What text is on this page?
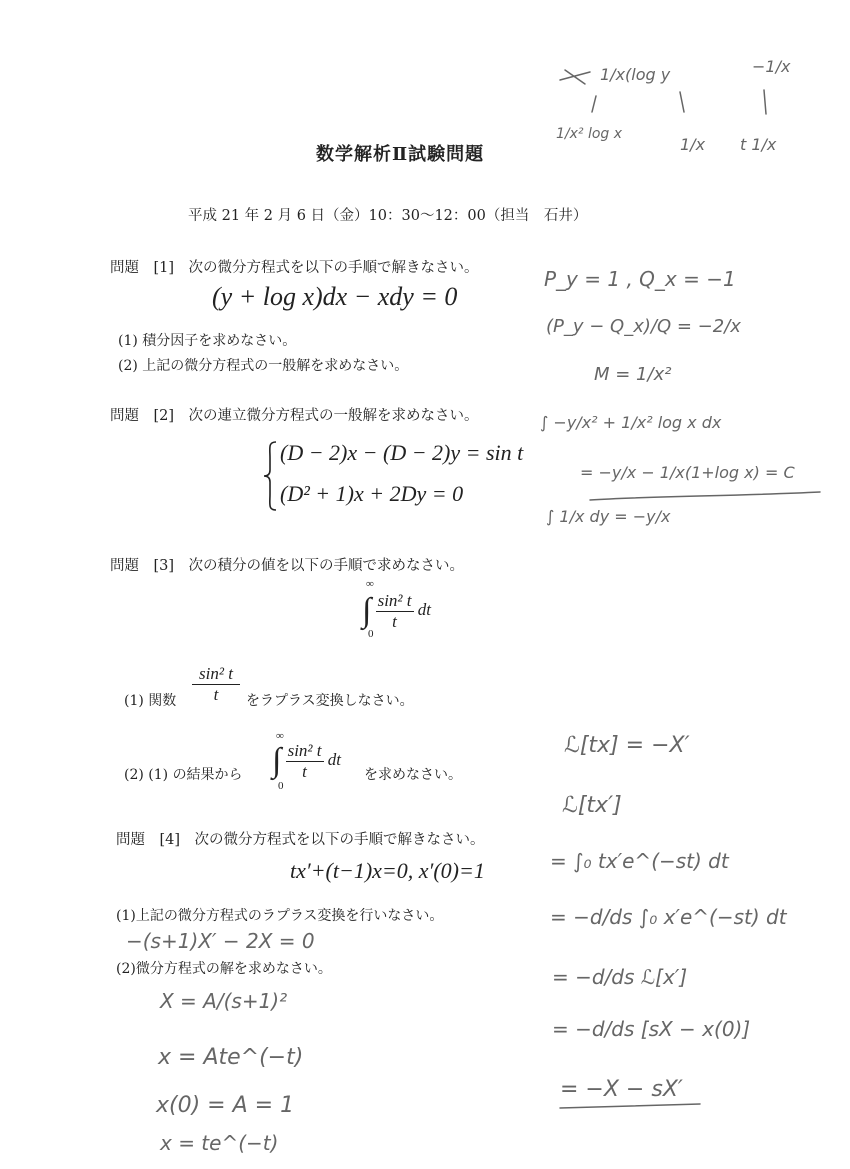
数学解析Ⅱ試験問題
平成 21 年 2 月 6 日（金）10：30〜12：00（担当　石井）
問題　[1]　次の微分方程式を以下の手順で解きなさい。
(y + log x)dx − xdy = 0
(1) 積分因子を求めなさい。
(2) 上記の微分方程式の一般解を求めなさい。
問題　[2]　次の連立微分方程式の一般解を求めなさい。
(D − 2)x − (D − 2)y = sin t
(D² + 1)x + 2Dy = 0
問題　[3]　次の積分の値を以下の手順で求めなさい。
∞
∫
0

$\frac{\text{sin² t}}{t}$ dt
(1) 関数 $\frac{\text{sin² t}}{t}$ をラプラス変換しなさい。
(2) (1) の結果から
∞
∫
0

$\frac{\text{sin² t}}{t}$ dt
を求めなさい。
問題　[4]　次の微分方程式を以下の手順で解きなさい。
tx′+(t−1)x=0, x′(0)=1
(1)上記の微分方程式のラプラス変換を行いなさい。
(2)微分方程式の解を求めなさい。
1/x(log y	−1/x
1/x² log x
1/x t 1/x
P_y = 1 , Q_x = −1
(P_y − Q_x)/Q = −2/x
M = 1/x²
∫ −y/x² + 1/x² log x dx
= −y/x − 1/x(1+log x) = C
∫ 1/x dy = −y/x
ℒ[tx] = −X′
ℒ[tx′]
= ∫₀ tx′e^(−st) dt
= −d/ds ∫₀ x′e^(−st) dt
= −d/ds ℒ[x′]
= −d/ds [sX − x(0)]
= −X − sX′
−(s+1)X′ − 2X = 0
X = A/(s+1)²
x = Ate^(−t)
x(0) = A = 1
x = te^(−t)
